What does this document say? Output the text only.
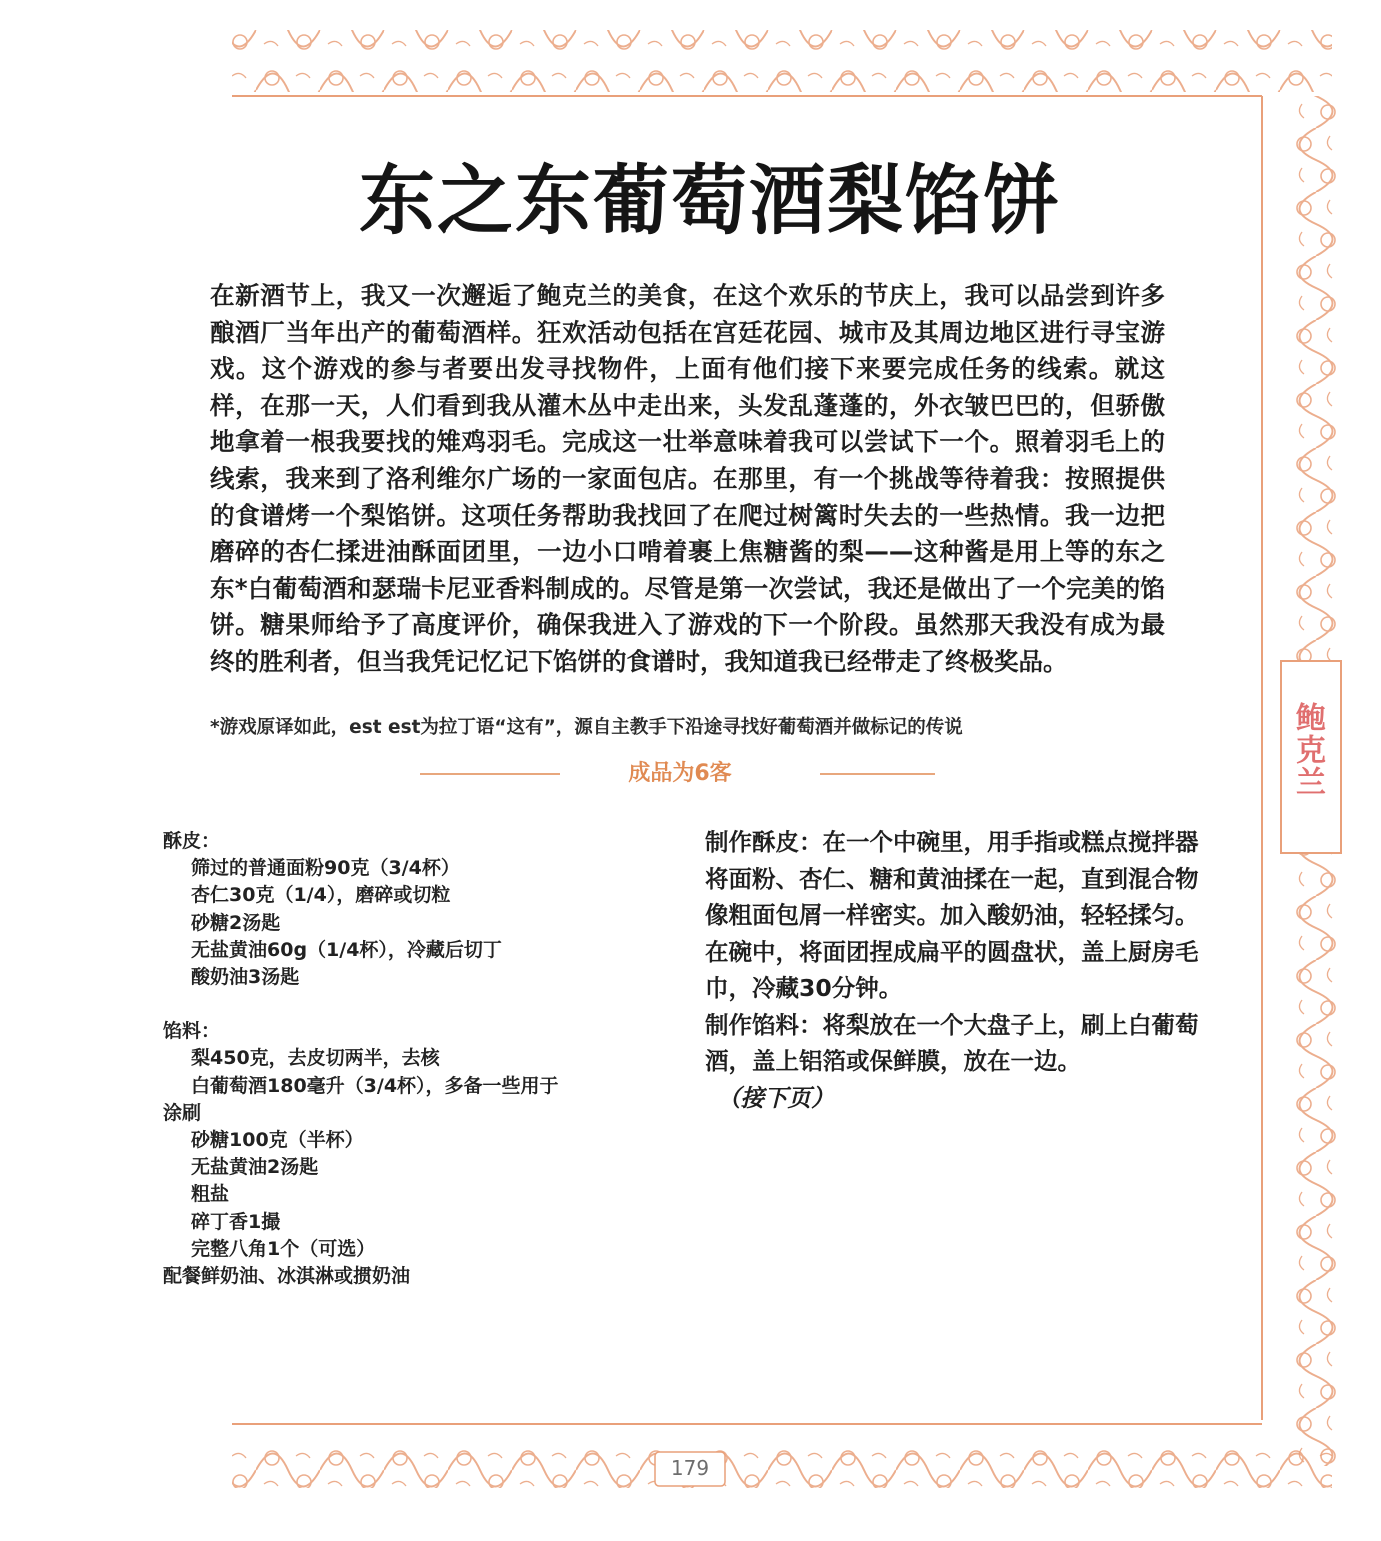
东之东葡萄酒梨馅饼

在新酒节上，我又一次邂逅了鲍克兰的美食，在这个欢乐的节庆上，我可以品尝到许多酿酒厂当年出产的葡萄酒样。狂欢活动包括在宫廷花园、城市及其周边地区进行寻宝游戏。这个游戏的参与者要出发寻找物件，上面有他们接下来要完成任务的线索。就这样，在那一天，人们看到我从灌木丛中走出来，头发乱蓬蓬的，外衣皱巴巴的，但骄傲地拿着一根我要找的雉鸡羽毛。完成这一壮举意味着我可以尝试下一个。照着羽毛上的线索，我来到了洛利维尔广场的一家面包店。在那里，有一个挑战等待着我：按照提供的食谱烤一个梨馅饼。这项任务帮助我找回了在爬过树篱时失去的一些热情。我一边把磨碎的杏仁揉进油酥面团里，一边小口啃着裹上焦糖酱的梨——这种酱是用上等的东之东*白葡萄酒和瑟瑞卡尼亚香料制成的。尽管是第一次尝试，我还是做出了一个完美的馅饼。糖果师给予了高度评价，确保我进入了游戏的下一个阶段。虽然那天我没有成为最终的胜利者，但当我凭记忆记下馅饼的食谱时，我知道我已经带走了终极奖品。

*游戏原译如此，est est为拉丁语“这有”，源自主教手下沿途寻找好葡萄酒并做标记的传说
成品为6客
酥皮：
筛过的普通面粉90克（3/4杯）
杏仁30克（1/4），磨碎或切粒
砂糖2汤匙
无盐黄油60g（1/4杯），冷藏后切丁
酸奶油3汤匙
馅料：
梨450克，去皮切两半，去核
白葡萄酒180毫升（3/4杯），多备一些用于
涂刷
砂糖100克（半杯）
无盐黄油2汤匙
粗盐
碎丁香1撮
完整八角1个（可选）
配餐鲜奶油、冰淇淋或掼奶油

制作酥皮：在一个中碗里，用手指或糕点搅拌器将面粉、杏仁、糖和黄油揉在一起，直到混合物像粗面包屑一样密实。加入酸奶油，轻轻揉匀。在碗中，将面团捏成扁平的圆盘状，盖上厨房毛巾，冷藏30分钟。

制作馅料：将梨放在一个大盘子上，刷上白葡萄酒，盖上铝箔或保鲜膜，放在一边。

（接下页）

鲍克兰
179
